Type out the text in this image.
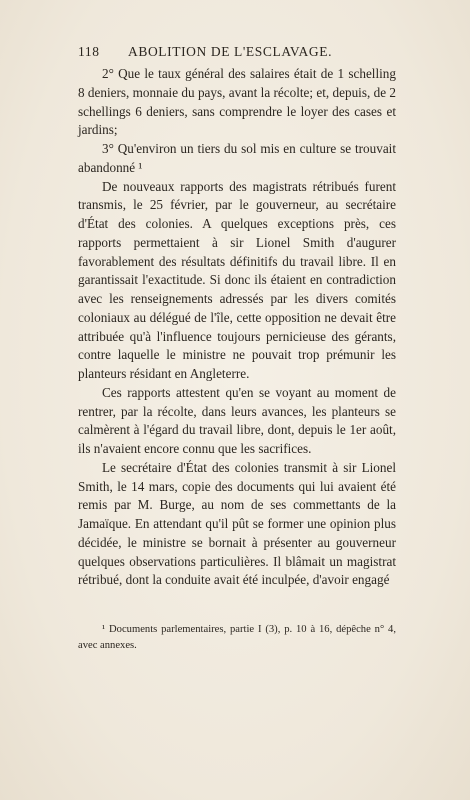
118 ABOLITION DE L'ESCLAVAGE.

2° Que le taux général des salaires était de 1 schelling 8 deniers, monnaie du pays, avant la récolte; et, depuis, de 2 schellings 6 deniers, sans comprendre le loyer des cases et jardins;

3° Qu'environ un tiers du sol mis en culture se trouvait abandonné ¹

De nouveaux rapports des magistrats rétribués furent transmis, le 25 février, par le gouverneur, au secrétaire d'État des colonies. A quelques exceptions près, ces rapports permettaient à sir Lionel Smith d'augurer favorablement des résultats définitifs du travail libre. Il en garantissait l'exactitude. Si donc ils étaient en contradiction avec les renseignements adressés par les divers comités coloniaux au délégué de l'île, cette opposition ne devait être attribuée qu'à l'influence toujours pernicieuse des gérants, contre laquelle le ministre ne pouvait trop prémunir les planteurs résidant en Angleterre.

Ces rapports attestent qu'en se voyant au moment de rentrer, par la récolte, dans leurs avances, les planteurs se calmèrent à l'égard du travail libre, dont, depuis le 1er août, ils n'avaient encore connu que les sacrifices.

Le secrétaire d'État des colonies transmit à sir Lionel Smith, le 14 mars, copie des documents qui lui avaient été remis par M. Burge, au nom de ses commettants de la Jamaïque. En attendant qu'il pût se former une opinion plus décidée, le ministre se bornait à présenter au gouverneur quelques observations particulières. Il blâmait un magistrat rétribué, dont la conduite avait été inculpée, d'avoir engagé

¹ Documents parlementaires, partie I (3), p. 10 à 16, dépêche n° 4, avec annexes.
